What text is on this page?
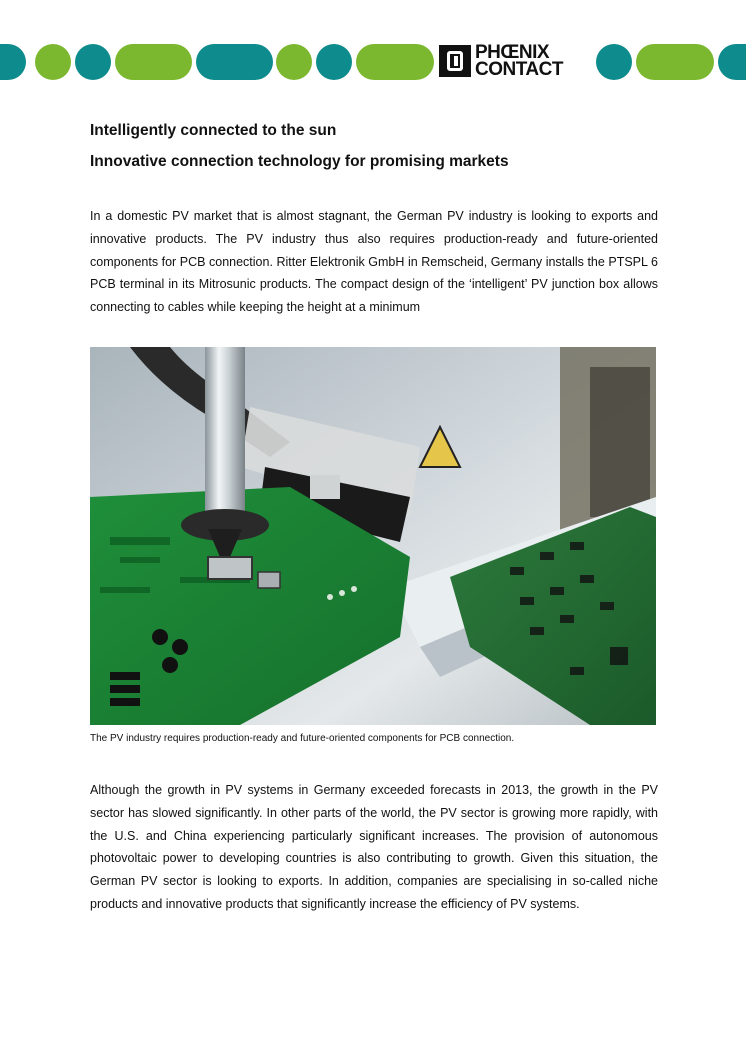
PHŒNIX
CONTACT
Intelligently connected to the sun
Innovative connection technology for promising markets

In a domestic PV market that is almost stagnant, the German PV industry is looking to exports and innovative products. The PV industry thus also requires production-ready and future-oriented components for PCB connection. Ritter Elektronik GmbH in Remscheid, Germany installs the PTSPL 6 PCB terminal in its Mitrosunic products. The compact design of the ‘intelligent’ PV junction box allows connecting to cables while keeping the height at a minimum

The PV industry requires production-ready and future-oriented components for PCB connection.

Although the growth in PV systems in Germany exceeded forecasts in 2013, the growth in the PV sector has slowed significantly. In other parts of the world, the PV sector is growing more rapidly, with the U.S. and China experiencing particularly significant increases. The provision of autonomous photovoltaic power to developing countries is also contributing to growth. Given this situation, the German PV sector is looking to exports. In addition, companies are specialising in so-called niche products and innovative products that significantly increase the efficiency of PV systems.
